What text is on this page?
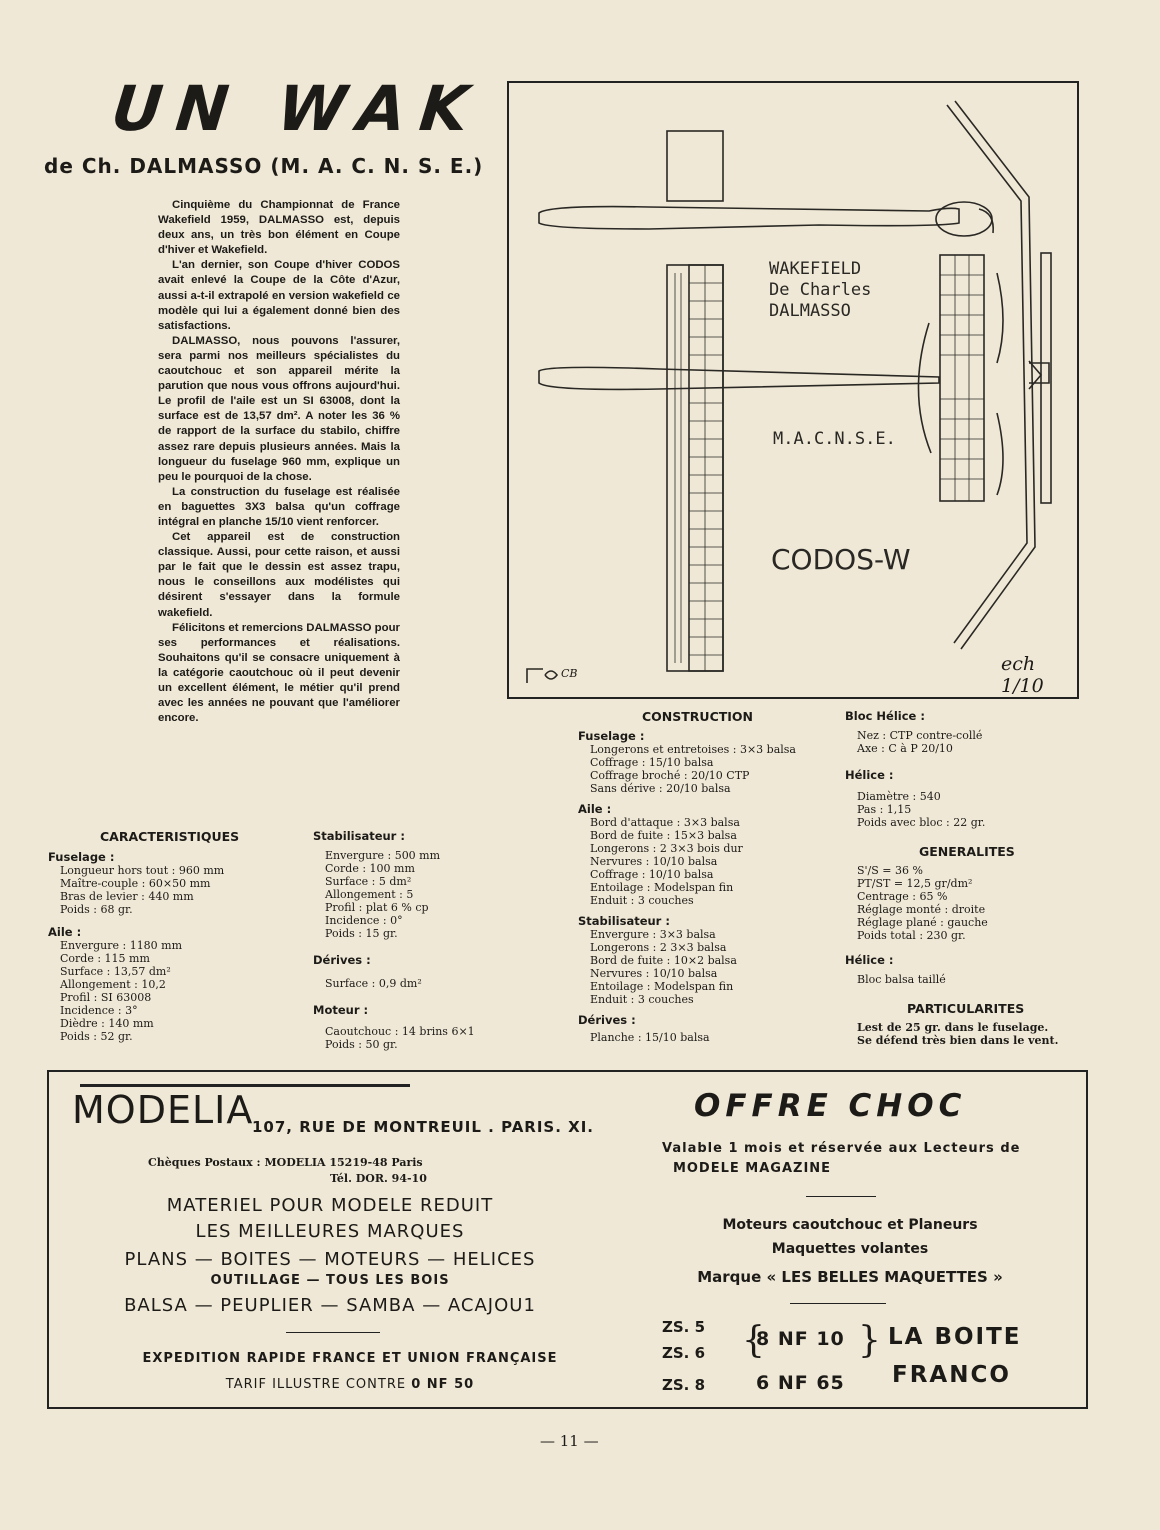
UN WAK
de Ch. DALMASSO (M. A. C. N. S. E.)

Cinquième du Championnat de France Wakefield 1959, DALMASSO est, depuis deux ans, un très bon élément en Coupe d'hiver et Wakefield.

L'an dernier, son Coupe d'hiver CODOS avait enlevé la Coupe de la Côte d'Azur, aussi a-t-il extrapolé en version wakefield ce modèle qui lui a également donné bien des satisfactions.

DALMASSO, nous pouvons l'assurer, sera parmi nos meilleurs spécialistes du caoutchouc et son appareil mérite la parution que nous vous offrons aujourd'hui. Le profil de l'aile est un SI 63008, dont la surface est de 13,57 dm². A noter les 36 % de rapport de la surface du stabilo, chiffre assez rare depuis plusieurs années. Mais la longueur du fuselage 960 mm, explique un peu le pourquoi de la chose.

La construction du fuselage est réalisée en baguettes 3X3 balsa qu'un coffrage intégral en planche 15/10 vient renforcer.

Cet appareil est de construction classique. Aussi, pour cette raison, et aussi par le fait que le dessin est assez trapu, nous le conseillons aux modélistes qui désirent s'essayer dans la formule wakefield.

Félicitons et remercions DALMASSO pour ses performances et réalisations. Souhaitons qu'il se consacre uniquement à la catégorie caoutchouc où il peut devenir un excellent élément, le métier qu'il prend avec les années ne pouvant que l'améliorer encore.

WAKEFIELD
De Charles
DALMASSO
M.A.C.N.S.E.
CODOS-W
ech 1/10
CB
CARACTERISTIQUES
Fuselage :
Longueur hors tout : 960 mm
Maître-couple : 60×50 mm
Bras de levier : 440 mm
Poids : 68 gr.
Aile :
Envergure : 1180 mm
Corde : 115 mm
Surface : 13,57 dm²
Allongement : 10,2
Profil : SI 63008
Incidence : 3°
Dièdre : 140 mm
Poids : 52 gr.
Stabilisateur :
Envergure : 500 mm
Corde : 100 mm
Surface : 5 dm²
Allongement : 5
Profil : plat 6 % cp
Incidence : 0°
Poids : 15 gr.
Dérives :
Surface : 0,9 dm²
Moteur :
Caoutchouc : 14 brins 6×1
Poids : 50 gr.
CONSTRUCTION
Fuselage :
Longerons et entretoises : 3×3 balsa
Coffrage : 15/10 balsa
Coffrage broché : 20/10 CTP
Sans dérive : 20/10 balsa
Aile :
Bord d'attaque : 3×3 balsa
Bord de fuite : 15×3 balsa
Longerons : 2 3×3 bois dur
Nervures : 10/10 balsa
Coffrage : 10/10 balsa
Entoilage : Modelspan fin
Enduit : 3 couches
Stabilisateur :
Envergure : 3×3 balsa
Longerons : 2 3×3 balsa
Bord de fuite : 10×2 balsa
Nervures : 10/10 balsa
Entoilage : Modelspan fin
Enduit : 3 couches
Dérives :
Planche : 15/10 balsa
Bloc Hélice :
Nez : CTP contre-collé
Axe : C à P 20/10
Hélice :
Diamètre : 540
Pas : 1,15
Poids avec bloc : 22 gr.
GENERALITES
S'/S = 36 %
PT/ST = 12,5 gr/dm²
Centrage : 65 %
Réglage monté : droite
Réglage plané : gauche
Poids total : 230 gr.
Hélice :
Bloc balsa taillé
PARTICULARITES
Lest de 25 gr. dans le fuselage.
Se défend très bien dans le vent.
MODELIA
107, RUE DE MONTREUIL . PARIS. XI.
Chèques Postaux : MODELIA 15219-48 Paris
Tél. DOR. 94-10
MATERIEL POUR MODELE REDUIT
LES MEILLEURES MARQUES
PLANS — BOITES — MOTEURS — HELICES
OUTILLAGE — TOUS LES BOIS
BALSA — PEUPLIER — SAMBA — ACAJOU1
EXPEDITION RAPIDE FRANCE ET UNION FRANÇAISE
TARIF ILLUSTRE CONTRE 0 NF 50
OFFRE CHOC
Valable 1 mois et réservée aux Lecteurs de
MODELE MAGAZINE
Moteurs caoutchouc et Planeurs
Maquettes volantes
Marque « LES BELLES MAQUETTES »
ZS. 5
ZS. 6
ZS. 8
{
8 NF 10
6 NF 65
} LA BOITE
FRANCO
— 11 —
